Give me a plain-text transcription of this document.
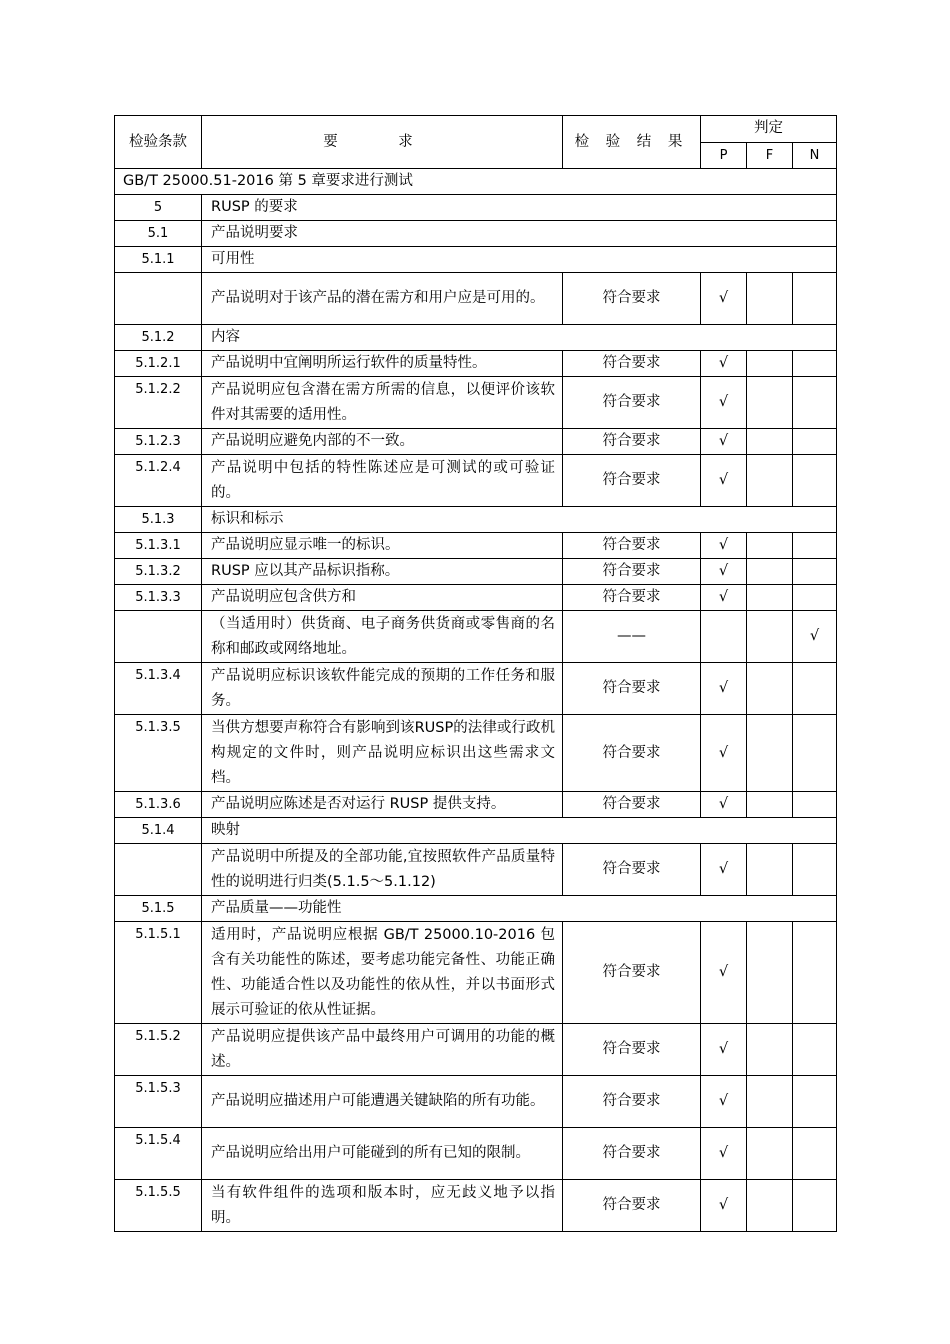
检验条款	要 求	检 验 结 果	判定		
			P	F	N
GB/T 25000.51-2016 第 5 章要求进行测试					
5	RUSP 的要求				
5.1	产品说明要求				
5.1.1	可用性				
	产品说明对于该产品的潜在需方和用户应是可用的。	符合要求	√		
5.1.2	内容				
5.1.2.1	产品说明中宜阐明所运行软件的质量特性。	符合要求	√		
5.1.2.2	产品说明应包含潜在需方所需的信息，以便评价该软件对其需要的适用性。	符合要求	√		
5.1.2.3	产品说明应避免内部的不一致。	符合要求	√		
5.1.2.4	产品说明中包括的特性陈述应是可测试的或可验证的。	符合要求	√		
5.1.3	标识和标示				
5.1.3.1	产品说明应显示唯一的标识。	符合要求	√		
5.1.3.2	RUSP 应以其产品标识指称。	符合要求	√		
5.1.3.3	产品说明应包含供方和	符合要求	√		
	（当适用时）供货商、电子商务供货商或零售商的名称和邮政或网络地址。	——			√
5.1.3.4	产品说明应标识该软件能完成的预期的工作任务和服务。	符合要求	√		
5.1.3.5	当供方想要声称符合有影响到该RUSP的法律或行政机构规定的文件时，则产品说明应标识出这些需求文档。	符合要求	√		
5.1.3.6	产品说明应陈述是否对运行 RUSP 提供支持。	符合要求	√		
5.1.4	映射				
	产品说明中所提及的全部功能,宜按照软件产品质量特性的说明进行归类(5.1.5～5.1.12)	符合要求	√		
5.1.5	产品质量——功能性				
5.1.5.1	适用时，产品说明应根据 GB/T 25000.10-2016 包含有关功能性的陈述，要考虑功能完备性、功能正确性、功能适合性以及功能性的依从性，并以书面形式展示可验证的依从性证据。	符合要求	√		
5.1.5.2	产品说明应提供该产品中最终用户可调用的功能的概述。	符合要求	√		
5.1.5.3	产品说明应描述用户可能遭遇关键缺陷的所有功能。	符合要求	√		
5.1.5.4	产品说明应给出用户可能碰到的所有已知的限制。	符合要求	√		
5.1.5.5	当有软件组件的选项和版本时，应无歧义地予以指明。	符合要求	√		
